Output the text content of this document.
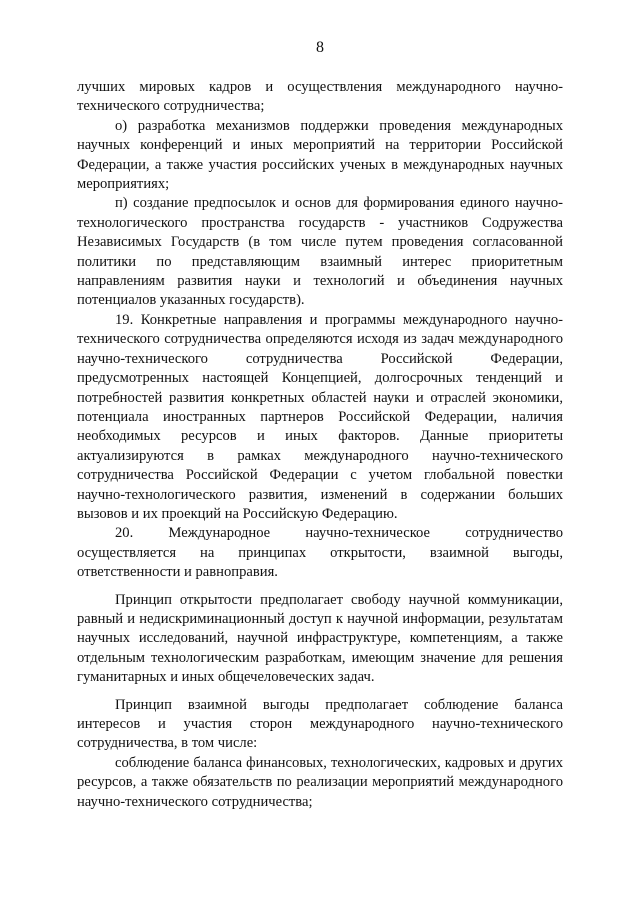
8

лучших мировых кадров и осуществления международного научно-технического сотрудничества;

о) разработка механизмов поддержки проведения международных научных конференций и иных мероприятий на территории Российской Федерации, а также участия российских ученых в международных научных мероприятиях;

п) создание предпосылок и основ для формирования единого научно-технологического пространства государств - участников Содружества Независимых Государств (в том числе путем проведения согласованной политики по представляющим взаимный интерес приоритетным направлениям развития науки и технологий и объединения научных потенциалов указанных государств).

19. Конкретные направления и программы международного научно-технического сотрудничества определяются исходя из задач международного научно-технического сотрудничества Российской Федерации, предусмотренных настоящей Концепцией, долгосрочных тенденций и потребностей развития конкретных областей науки и отраслей экономики, потенциала иностранных партнеров Российской Федерации, наличия необходимых ресурсов и иных факторов. Данные приоритеты актуализируются в рамках международного научно-технического сотрудничества Российской Федерации с учетом глобальной повестки научно-технологического развития, изменений в содержании больших вызовов и их проекций на Российскую Федерацию.

20. Международное научно-техническое сотрудничество осуществляется на принципах открытости, взаимной выгоды, ответственности и равноправия.

Принцип открытости предполагает свободу научной коммуникации, равный и недискриминационный доступ к научной информации, результатам научных исследований, научной инфраструктуре, компетенциям, а также отдельным технологическим разработкам, имеющим значение для решения гуманитарных и иных общечеловеческих задач.

Принцип взаимной выгоды предполагает соблюдение баланса интересов и участия сторон международного научно-технического сотрудничества, в том числе:

соблюдение баланса финансовых, технологических, кадровых и других ресурсов, а также обязательств по реализации мероприятий международного научно-технического сотрудничества;
